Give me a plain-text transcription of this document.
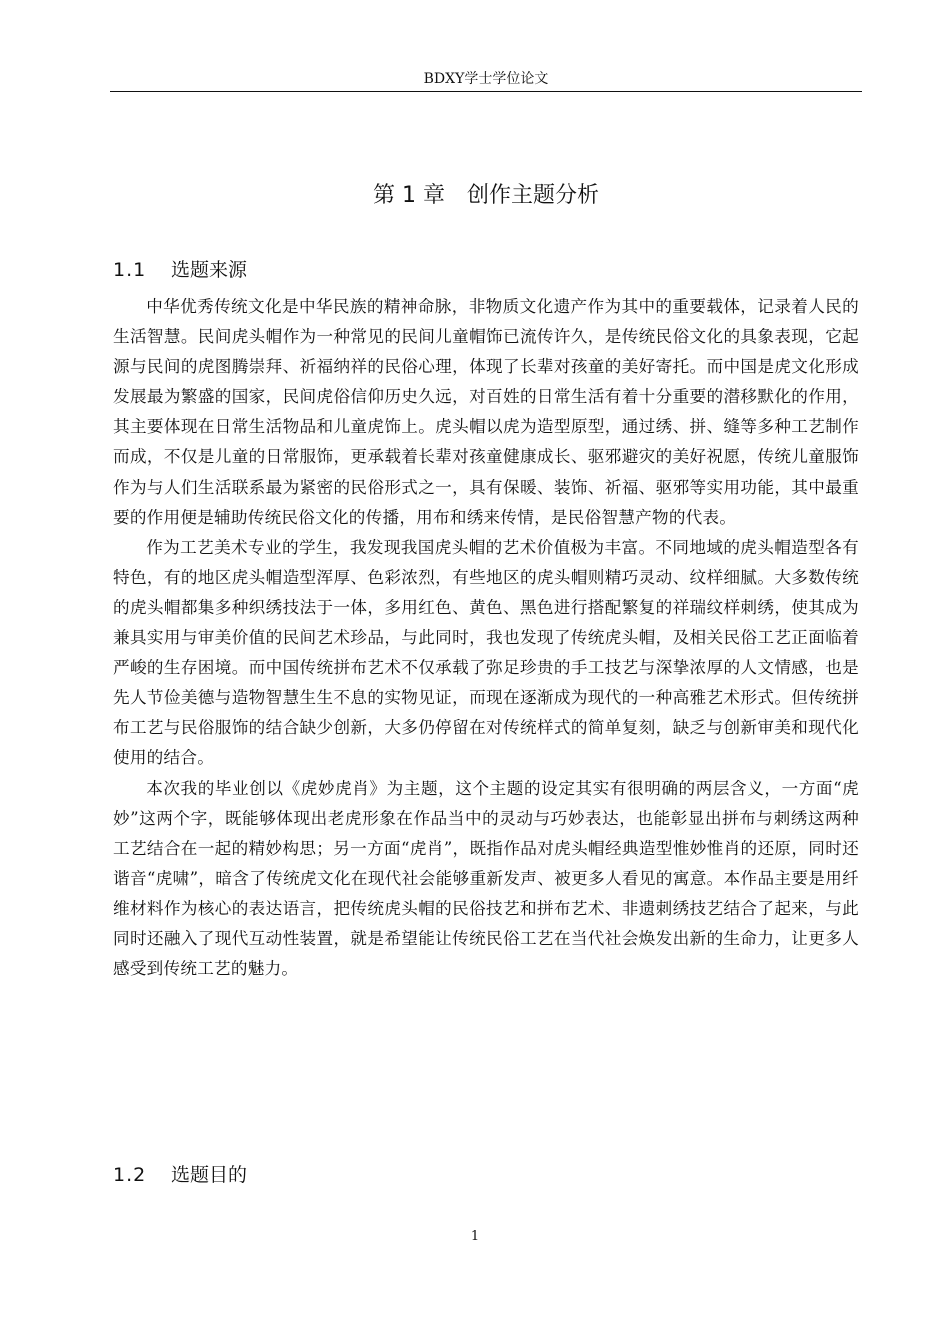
BDXY学士学位论文
第 1 章　创作主题分析
1.1 选题来源

中华优秀传统文化是中华民族的精神命脉，非物质文化遗产作为其中的重要载体，记录着人民的生活智慧。民间虎头帽作为一种常见的民间儿童帽饰已流传许久，是传统民俗文化的具象表现，它起源与民间的虎图腾崇拜、祈福纳祥的民俗心理，体现了长辈对孩童的美好寄托。而中国是虎文化形成发展最为繁盛的国家，民间虎俗信仰历史久远，对百姓的日常生活有着十分重要的潜移默化的作用，其主要体现在日常生活物品和儿童虎饰上。虎头帽以虎为造型原型，通过绣、拼、缝等多种工艺制作而成，不仅是儿童的日常服饰，更承载着长辈对孩童健康成长、驱邪避灾的美好祝愿，传统儿童服饰作为与人们生活联系最为紧密的民俗形式之一，具有保暖、装饰、祈福、驱邪等实用功能，其中最重要的作用便是辅助传统民俗文化的传播，用布和绣来传情，是民俗智慧产物的代表。

作为工艺美术专业的学生，我发现我国虎头帽的艺术价值极为丰富。不同地域的虎头帽造型各有特色，有的地区虎头帽造型浑厚、色彩浓烈，有些地区的虎头帽则精巧灵动、纹样细腻。大多数传统的虎头帽都集多种织绣技法于一体，多用红色、黄色、黑色进行搭配繁复的祥瑞纹样刺绣，使其成为兼具实用与审美价值的民间艺术珍品，与此同时，我也发现了传统虎头帽，及相关民俗工艺正面临着严峻的生存困境。而中国传统拼布艺术不仅承载了弥足珍贵的手工技艺与深挚浓厚的人文情感，也是先人节俭美德与造物智慧生生不息的实物见证，而现在逐渐成为现代的一种高雅艺术形式。但传统拼布工艺与民俗服饰的结合缺少创新，大多仍停留在对传统样式的简单复刻，缺乏与创新审美和现代化使用的结合。

本次我的毕业创以《虎妙虎肖》为主题，这个主题的设定其实有很明确的两层含义，一方面“虎妙”这两个字，既能够体现出老虎形象在作品当中的灵动与巧妙表达，也能彰显出拼布与刺绣这两种工艺结合在一起的精妙构思；另一方面“虎肖”，既指作品对虎头帽经典造型惟妙惟肖的还原，同时还谐音“虎啸”，暗含了传统虎文化在现代社会能够重新发声、被更多人看见的寓意。本作品主要是用纤维材料作为核心的表达语言，把传统虎头帽的民俗技艺和拼布艺术、非遗刺绣技艺结合了起来，与此同时还融入了现代互动性装置，就是希望能让传统民俗工艺在当代社会焕发出新的生命力，让更多人感受到传统工艺的魅力。

1.2 选题目的
1
